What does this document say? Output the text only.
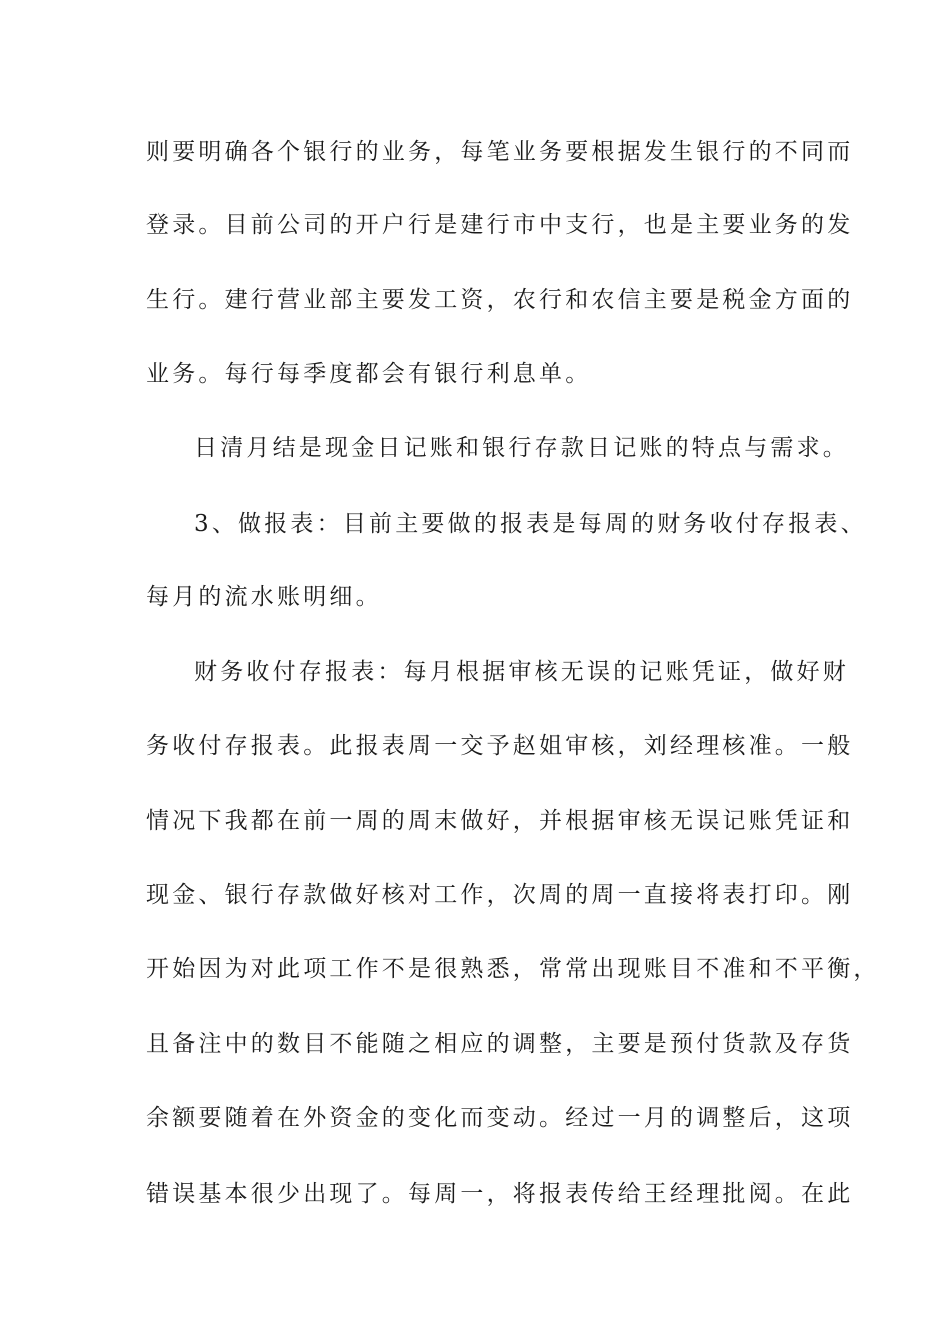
则要明确各个银行的业务，每笔业务要根据发生银行的不同而
登录。目前公司的开户行是建行市中支行，也是主要业务的发
生行。建行营业部主要发工资，农行和农信主要是税金方面的
业务。每行每季度都会有银行利息单。
日清月结是现金日记账和银行存款日记账的特点与需求。
3、做报表：目前主要做的报表是每周的财务收付存报表、
每月的流水账明细。
财务收付存报表：每月根据审核无误的记账凭证，做好财
务收付存报表。此报表周一交予赵姐审核，刘经理核准。一般
情况下我都在前一周的周末做好，并根据审核无误记账凭证和
现金、银行存款做好核对工作，次周的周一直接将表打印。刚
开始因为对此项工作不是很熟悉，常常出现账目不准和不平衡，
且备注中的数目不能随之相应的调整，主要是预付货款及存货
余额要随着在外资金的变化而变动。经过一月的调整后，这项
错误基本很少出现了。每周一，将报表传给王经理批阅。在此
